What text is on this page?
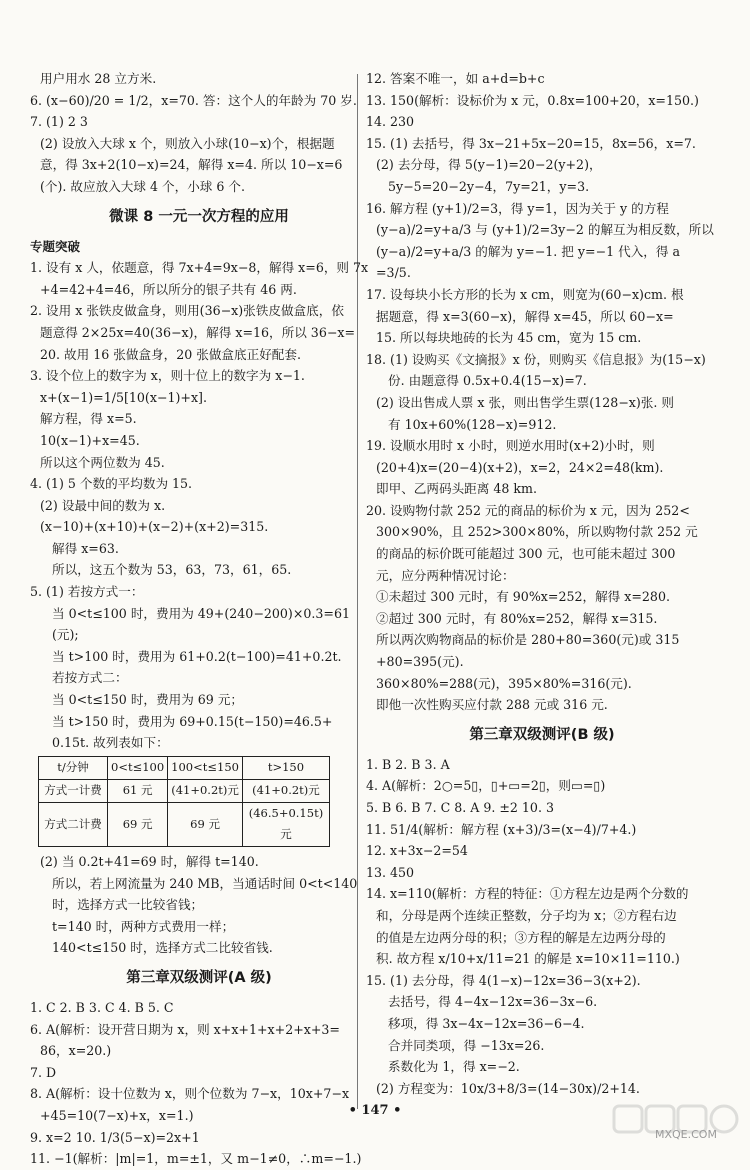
用户用水 28 立方米.
6. (x−60)/20 = 1/2，x=70. 答：这个人的年龄为 70 岁.
7. (1) 2 3
(2) 设放入大球 x 个，则放入小球(10−x)个，根据题
意，得 3x+2(10−x)=24，解得 x=4. 所以 10−x=6
(个). 故应放入大球 4 个，小球 6 个.
微课 8 一元一次方程的应用
专题突破
1. 设有 x 人，依题意，得 7x+4=9x−8，解得 x=6，则 7x
+4=42+4=46，所以所分的银子共有 46 两.
2. 设用 x 张铁皮做盒身，则用(36−x)张铁皮做盒底，依
题意得 2×25x=40(36−x)，解得 x=16，所以 36−x=
20. 故用 16 张做盒身，20 张做盒底正好配套.
3. 设个位上的数字为 x，则十位上的数字为 x−1.
x+(x−1)=1/5[10(x−1)+x].
解方程，得 x=5.
10(x−1)+x=45.
所以这个两位数为 45.
4. (1) 5 个数的平均数为 15.
(2) 设最中间的数为 x.
(x−10)+(x+10)+(x−2)+(x+2)=315.
解得 x=63.
所以，这五个数为 53，63，73，61，65.
5. (1) 若按方式一：
当 0<t≤100 时，费用为 49+(240−200)×0.3=61
(元);
当 t>100 时，费用为 61+0.2(t−100)=41+0.2t.
若按方式二：
当 0<t≤150 时，费用为 69 元；
当 t>150 时，费用为 69+0.15(t−150)=46.5+
0.15t. 故列表如下：
t/分钟	0<t≤100	100<t≤150	t>150
方式一计费	61 元	(41+0.2t)元	(41+0.2t)元
方式二计费	69 元	69 元	(46.5+0.15t)元
(2) 当 0.2t+41=69 时，解得 t=140.
所以，若上网流量为 240 MB，当通话时间 0<t<140
时，选择方式一比较省钱；
t=140 时，两种方式费用一样；
140<t≤150 时，选择方式二比较省钱.
第三章双级测评(A 级)
1. C 2. B 3. C 4. B 5. C
6. A(解析：设开营日期为 x，则 x+x+1+x+2+x+3=
86，x=20.)
7. D
8. A(解析：设十位数为 x，则个位数为 7−x，10x+7−x
+45=10(7−x)+x，x=1.)
9. x=2 10. 1/3(5−x)=2x+1
11. −1(解析：|m|=1，m=±1，又 m−1≠0，∴m=−1.)
12. 答案不唯一，如 a+d=b+c
13. 150(解析：设标价为 x 元，0.8x=100+20，x=150.)
14. 230
15. (1) 去括号，得 3x−21+5x−20=15，8x=56，x=7.
(2) 去分母，得 5(y−1)=20−2(y+2)，
5y−5=20−2y−4，7y=21，y=3.
16. 解方程 (y+1)/2=3，得 y=1，因为关于 y 的方程
(y−a)/2=y+a/3 与 (y+1)/2=3y−2 的解互为相反数，所以
(y−a)/2=y+a/3 的解为 y=−1. 把 y=−1 代入，得 a
=3/5.
17. 设每块小长方形的长为 x cm，则宽为(60−x)cm. 根
据题意，得 x=3(60−x)，解得 x=45，所以 60−x=
15. 所以每块地砖的长为 45 cm，宽为 15 cm.
18. (1) 设购买《文摘报》x 份，则购买《信息报》为(15−x)
份. 由题意得 0.5x+0.4(15−x)=7.
(2) 设出售成人票 x 张，则出售学生票(128−x)张. 则
有 10x+60%(128−x)=912.
19. 设顺水用时 x 小时，则逆水用时(x+2)小时，则
(20+4)x=(20−4)(x+2)，x=2，24×2=48(km).
即甲、乙两码头距离 48 km.
20. 设购物付款 252 元的商品的标价为 x 元，因为 252<
300×90%，且 252>300×80%，所以购物付款 252 元
的商品的标价既可能超过 300 元，也可能未超过 300
元，应分两种情况讨论：
①未超过 300 元时，有 90%x=252，解得 x=280.
②超过 300 元时，有 80%x=252，解得 x=315.
所以两次购物商品的标价是 280+80=360(元)或 315
+80=395(元).
360×80%=288(元)，395×80%=316(元).
即他一次性购买应付款 288 元或 316 元.
第三章双级测评(B 级)
1. B 2. B 3. A
4. A(解析：2○=5▯，▯+▭=2▯，则▭=▯)
5. B 6. B 7. C 8. A 9. ±2 10. 3
11. 51/4(解析：解方程 (x+3)/3=(x−4)/7+4.)
12. x+3x−2=54
13. 450
14. x=110(解析：方程的特征：①方程左边是两个分数的
和，分母是两个连续正整数，分子均为 x；②方程右边
的值是左边两分母的积；③方程的解是左边两分母的
积. 故方程 x/10+x/11=21 的解是 x=10×11=110.)
15. (1) 去分母，得 4(1−x)−12x=36−3(x+2).
去括号，得 4−4x−12x=36−3x−6.
移项，得 3x−4x−12x=36−6−4.
合并同类项，得 −13x=26.
系数化为 1，得 x=−2.
(2) 方程变为：10x/3+8/3=(14−30x)/2+14.
• 147 •
MXQE.COM
